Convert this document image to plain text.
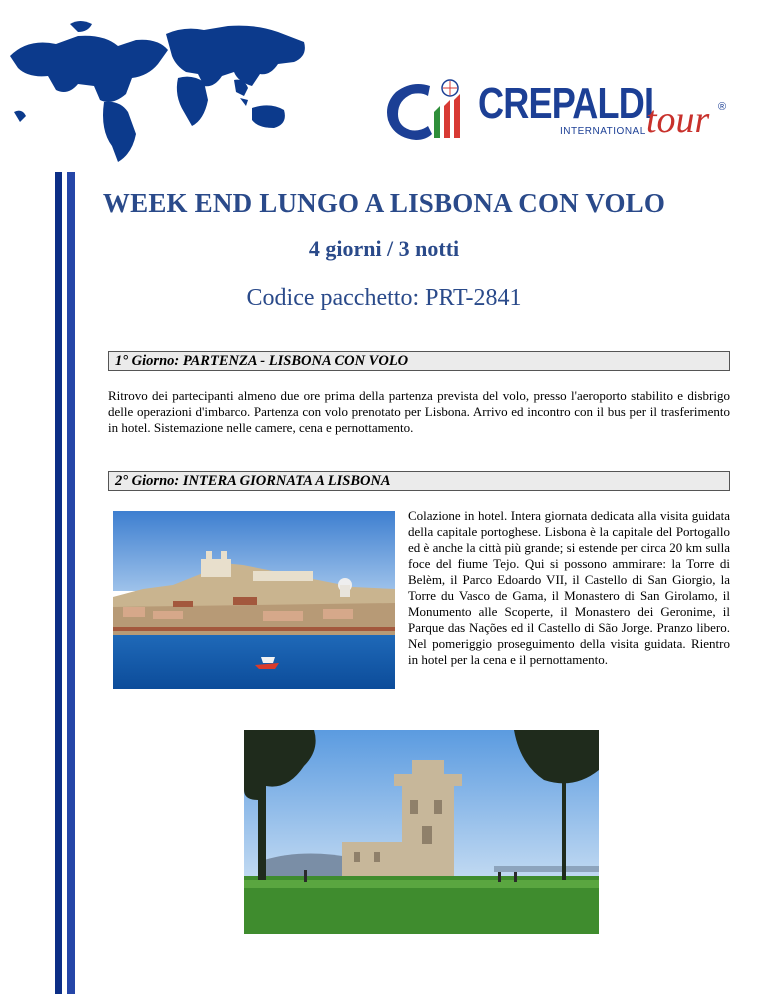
CREPALDI
INTERNATIONAL tour ®
WEEK END LUNGO A LISBONA CON VOLO
4 giorni / 3 notti
Codice pacchetto: PRT-2841
1° Giorno: PARTENZA - LISBONA CON VOLO

Ritrovo dei partecipanti almeno due ore prima della partenza prevista del volo, presso l'aeroporto stabilito e disbrigo delle operazioni d'imbarco. Partenza con volo prenotato per Lisbona. Arrivo ed incontro con il bus per il trasferimento in hotel. Sistemazione nelle camere, cena e pernottamento.

2° Giorno: INTERA GIORNATA A LISBONA

Colazione in hotel. Intera giornata dedicata alla visita guidata della capitale portoghese. Lisbona è la capitale del Portogallo ed è anche la città più grande; si estende per circa 20 km sulla foce del fiume Tejo. Qui si possono ammirare: la Torre di Belèm, il Parco Edoardo VII, il Castello di San Giorgio, la Torre du Vasco de Gama, il Monastero di San Girolamo, il Monumento alle Scoperte, il Monastero dei Geronime, il Parque das Nações ed il Castello di São Jorge. Pranzo libero. Nel pomeriggio proseguimento della visita guidata. Rientro in hotel per la cena e il pernottamento.
